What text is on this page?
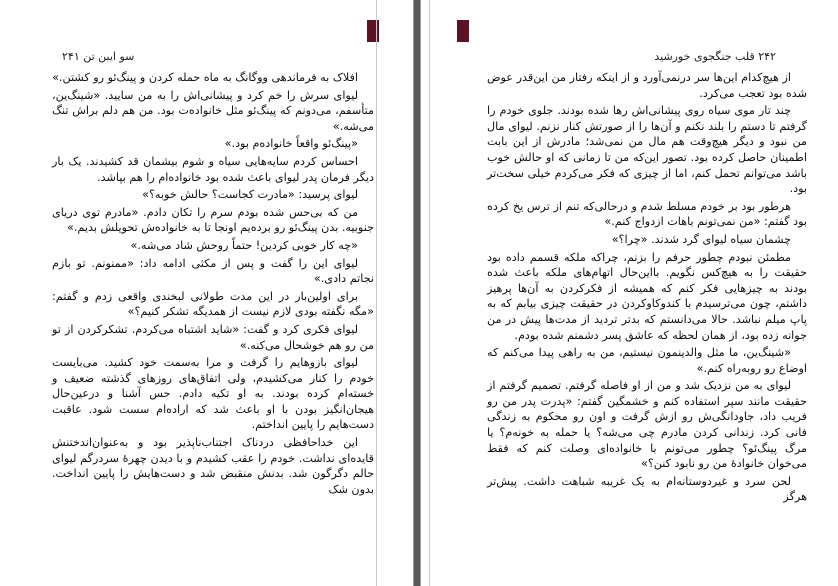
سو ایبن تن ۲۴۱

افلاک به فرماندهی ووگانگ به ماه حمله کردن و پینگ‌ئو رو کشتن.»

لیوای سرش را خم کرد و پیشانی‌اش را به من سایید. «شینگ‌ین، متأسفم، می‌دونم که پینگ‌ئو مثل خانواده‌ت بود. من هم دلم براش تنگ می‌شه.»

«پینگ‌ئو واقعاً خانواده‌م بود.»

احساس کردم سایه‌هایی سیاه و شوم بیشمان قد کشیدند. یک بار دیگر فرمان پدر لیوای باعث شده بود خانواده‌ام را هم بپاشد.

لیوای پرسید: «مادرت کجاست؟ حالش خوبه؟»

من که بی‌حس شده بودم سرم را تکان دادم. «مادرم توی دریای جنوبیه. بدن پینگ‌ئو رو برده‌یم اونجا تا به خانواده‌ش تحویلش بدیم.»

«چه کار خوبی کردین! حتماً روحش شاد می‌شه.»

لیوای این را گفت و پس از مکثی ادامه داد: «ممنونم. تو بازم نجاتم دادی.»

برای اولین‌بار در این مدت طولانی لبخندی واقعی زدم و گفتم: «مگه نگفته بودی لازم نیست از همدیگه تشکر کنیم؟»

لیوای فکری کرد و گفت: «شاید اشتباه می‌کردم. تشکرکردن از تو من رو هم خوشحال می‌کنه.»

لیوای بازوهایم را گرفت و مرا به‌سمت خود کشید. می‌بایست خودم را کنار می‌کشیدم، ولی اتفاق‌های روزهای گذشته ضعیف و خسته‌ام کرده بودند. به او تکیه دادم. حس آشنا و درعین‌حال هیجان‌انگیز بودن با او باعث شد که اراده‌ام سست شود. عاقبت دست‌هایم را پایین انداختم.

این خداحافظی دردناک اجتناب‌ناپذیر بود و به‌عنوان‌اندختنش قایده‌ای نداشت. خودم را عقب کشیدم و با دیدن چهرهٔ سردرگم لیوای حالم دگرگون شد. بدنش منقبض شد و دست‌هایش را پایین انداخت. بدون شک

۲۴۲ قلب جنگجوی خورشید

از هیچ‌کدام این‌ها سر درنمی‌آورد و از اینکه رفتار من این‌قدر عوض شده بود تعجب می‌کرد.

چند تار موی سیاه روی پیشانی‌اش رها شده بودند. جلوی خودم را گرفتم تا دستم را بلند نکنم و آن‌ها را از صورتش کنار نزنم. لیوای مال من نبود و دیگر هیچ‌وقت هم مال من نمی‌شد؛ مادرش از این بابت اطمینان حاصل کرده بود. تصور این‌که من تا زمانی که او حالش خوب باشد می‌توانم تحمل کنم، اما از چیزی که فکر می‌کردم خیلی سخت‌تر بود.

هرطور بود بر خودم مسلط شدم و درحالی‌که تنم از ترس یخ کرده بود گفتم: «من نمی‌تونم باهات ازدواج کنم.»

چشمان سیاه لیوای گرد شدند. «چرا؟»

مطمئن نبودم چطور حرفم را بزنم، چراکه ملکه قسمم داده بود حقیقت را به هیچ‌کس نگویم. بااین‌حال اتهام‌های ملکه باعث شده بودند به چیزهایی فکر کنم که همیشه از فکرکردن به آن‌ها پرهیز داشتم، چون می‌ترسیدم با کندوکاوکردن در حقیقت چیزی بیابم که به پاپ میلم نباشد. حالا می‌دانستم که بدتر تردید از مدت‌ها پیش در من جوانه زده بود، از همان لحظه که عاشق پسر دشمنم شده بودم.

«شینگ‌ین، ما مثل والدینمون نیستیم، من به راهی پیدا می‌کنم که اوضاع رو روبه‌راه کنم.»

لیوای به من نزدیک شد و من از او فاصله گرفتم. تصمیم گرفتم از حقیقت مانند سپر استفاده کنم و خشمگین گفتم: «پدرت پدر من رو فریب داد، جاودانگی‌ش رو ازش گرفت و اون رو محکوم به زندگی فانی کرد. زندانی کردن مادرم چی می‌شه؟ یا حمله به خونه‌م؟ یا مرگ پینگ‌ئو؟ چطور می‌تونم با خانواده‌ای وصلت کنم که فقط می‌خوان خانوادهٔ من رو نابود کنن؟»

لحن سرد و غیردوستانه‌ام به یک غریبه شباهت داشت. پیش‌تر هرگز
